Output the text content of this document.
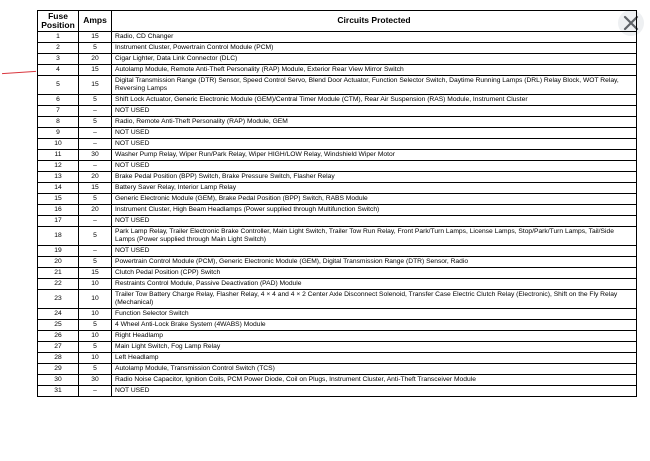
Fuse
Position	Amps	Circuits Protected
1	15	Radio, CD Changer
2	5	Instrument Cluster, Powertrain Control Module (PCM)
3	20	Cigar Lighter, Data Link Connector (DLC)
4	15	Autolamp Module, Remote Anti-Theft Personality (RAP) Module, Exterior Rear View Mirror Switch
5	15	Digital Transmission Range (DTR) Sensor, Speed Control Servo, Blend Door Actuator, Function Selector Switch, Daytime Running Lamps (DRL) Relay Block, WOT Relay, Reversing Lamps
6	5	Shift Lock Actuator, Generic Electronic Module (GEM)/Central Timer Module (CTM), Rear Air Suspension (RAS) Module, Instrument Cluster
7	–	NOT USED
8	5	Radio, Remote Anti-Theft Personality (RAP) Module, GEM
9	–	NOT USED
10	–	NOT USED
11	30	Washer Pump Relay, Wiper Run/Park Relay, Wiper HIGH/LOW Relay, Windshield Wiper Motor
12	–	NOT USED
13	20	Brake Pedal Position (BPP) Switch, Brake Pressure Switch, Flasher Relay
14	15	Battery Saver Relay, Interior Lamp Relay
15	5	Generic Electronic Module (GEM), Brake Pedal Position (BPP) Switch, RABS Module
16	20	Instrument Cluster, High Beam Headlamps (Power supplied through Multifunction Switch)
17	–	NOT USED
18	5	Park Lamp Relay, Trailer Electronic Brake Controller, Main Light Switch, Trailer Tow Run Relay, Front Park/Turn Lamps, License Lamps, Stop/Park/Turn Lamps, Tail/Side Lamps (Power supplied through Main Light Switch)
19	–	NOT USED
20	5	Powertrain Control Module (PCM), Generic Electronic Module (GEM), Digital Transmission Range (DTR) Sensor, Radio
21	15	Clutch Pedal Position (CPP) Switch
22	10	Restraints Control Module, Passive Deactivation (PAD) Module
23	10	Trailer Tow Battery Charge Relay, Flasher Relay, 4 × 4 and 4 × 2 Center Axle Disconnect Solenoid, Transfer Case Electric Clutch Relay (Electronic), Shift on the Fly Relay (Mechanical)
24	10	Function Selector Switch
25	5	4 Wheel Anti-Lock Brake System (4WABS) Module
26	10	Right Headlamp
27	5	Main Light Switch, Fog Lamp Relay
28	10	Left Headlamp
29	5	Autolamp Module, Transmission Control Switch (TCS)
30	30	Radio Noise Capacitor, Ignition Coils, PCM Power Diode, Coil on Plugs, Instrument Cluster, Anti-Theft Transceiver Module
31	–	NOT USED
